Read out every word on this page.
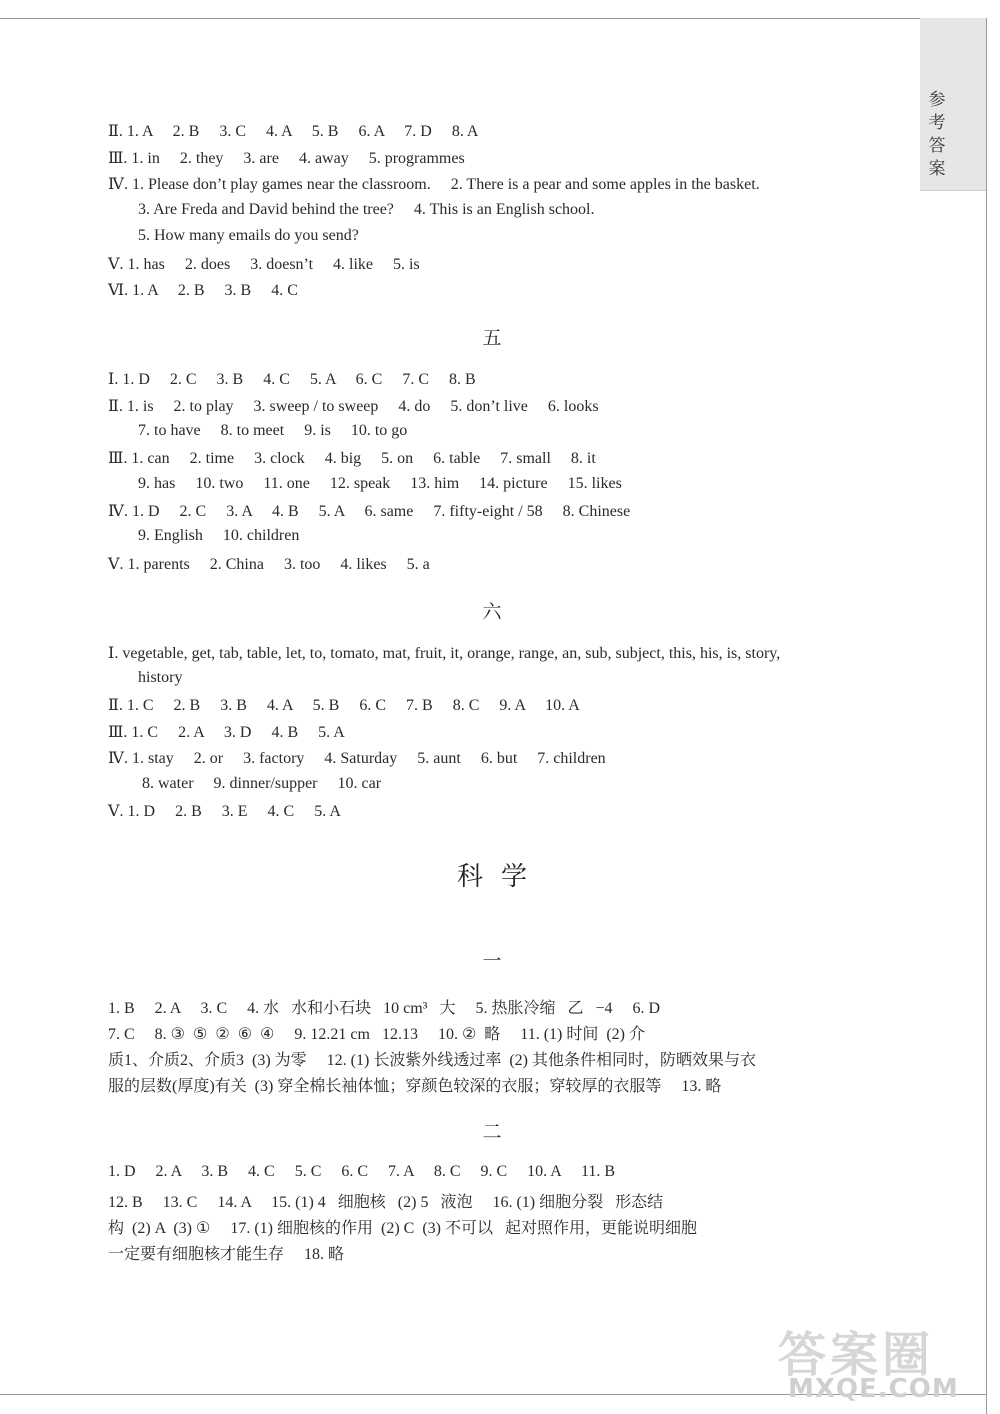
参考答案
Ⅱ. 1. A     2. B     3. C     4. A     5. B     6. A     7. D     8. A
Ⅲ. 1. in     2. they     3. are     4. away     5. programmes
Ⅳ. 1. Please don’t play games near the classroom.     2. There is a pear and some apples in the basket.
3. Are Freda and David behind the tree?     4. This is an English school.
5. How many emails do you send?
Ⅴ. 1. has     2. does     3. doesn’t     4. like     5. is
Ⅵ. 1. A     2. B     3. B     4. C
五
Ⅰ. 1. D     2. C     3. B     4. C     5. A     6. C     7. C     8. B
Ⅱ. 1. is     2. to play     3. sweep / to sweep     4. do     5. don’t live     6. looks
7. to have     8. to meet     9. is     10. to go
Ⅲ. 1. can     2. time     3. clock     4. big     5. on     6. table     7. small     8. it
9. has     10. two     11. one     12. speak     13. him     14. picture     15. likes
Ⅳ. 1. D     2. C     3. A     4. B     5. A     6. same     7. fifty-eight / 58     8. Chinese
9. English     10. children
Ⅴ. 1. parents     2. China     3. too     4. likes     5. a
六
Ⅰ. vegetable, get, tab, table, let, to, tomato, mat, fruit, it, orange, range, an, sub, subject, this, his, is, story,
history
Ⅱ. 1. C     2. B     3. B     4. A     5. B     6. C     7. B     8. C     9. A     10. A
Ⅲ. 1. C     2. A     3. D     4. B     5. A
Ⅳ. 1. stay     2. or     3. factory     4. Saturday     5. aunt     6. but     7. children
8. water     9. dinner/supper     10. car
Ⅴ. 1. D     2. B     3. E     4. C     5. A
科学
一
1. B     2. A     3. C     4. 水   水和小石块   10 cm³   大     5. 热胀冷缩   乙   −4     6. D
7. C     8. ③  ⑤  ②  ⑥  ④     9. 12.21 cm   12.13     10. ②  略     11. (1) 时间  (2) 介
质1、介质2、介质3  (3) 为零     12. (1) 长波紫外线透过率  (2) 其他条件相同时，防晒效果与衣
服的层数(厚度)有关  (3) 穿全棉长袖体恤；穿颜色较深的衣服；穿较厚的衣服等     13. 略
二
1. D     2. A     3. B     4. C     5. C     6. C     7. A     8. C     9. C     10. A     11. B
12. B     13. C     14. A     15. (1) 4   细胞核   (2) 5   液泡     16. (1) 细胞分裂   形态结
构  (2) A  (3) ①     17. (1) 细胞核的作用  (2) C  (3) 不可以   起对照作用，更能说明细胞
一定要有细胞核才能生存     18. 略
答案圈
MXQE.COM
